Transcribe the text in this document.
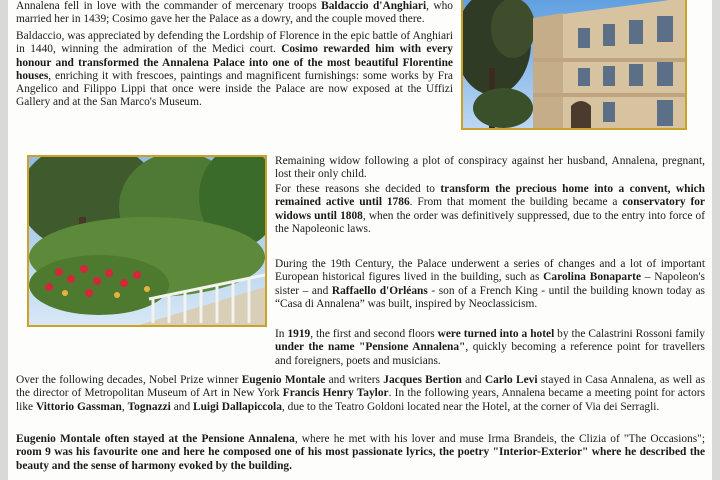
Annalena fell in love with the commander of mercenary troops Baldaccio d'Anghiari, who married her in 1439; Cosimo gave her the Palace as a dowry, and the couple moved there.

Baldaccio, was appreciated by defending the Lordship of Florence in the epic battle of Anghiari in 1440, winning the admiration of the Medici court. Cosimo rewarded him with every honour and transformed the Annalena Palace into one of the most beautiful Florentine houses, enriching it with frescoes, paintings and magnificent furnishings: some works by Fra Angelico and Filippo Lippi that once were inside the Palace are now exposed at the Uffizi Gallery and at the San Marco's Museum.

Remaining widow following a plot of conspiracy against her husband, Annalena, pregnant, lost their only child.

For these reasons she decided to transform the precious home into a convent, which remained active until 1786. From that moment the building became a conservatory for widows until 1808, when the order was definitively suppressed, due to the entry into force of the Napoleonic laws.

During the 19th Century, the Palace underwent a series of changes and a lot of important European historical figures lived in the building, such as Carolina Bonaparte – Napoleon's sister – and Raffaello d'Orléans - son of a French King - until the building known today as “Casa di Annalena” was built, inspired by Neoclassicism.

In 1919, the first and second floors were turned into a hotel by the Calastrini Rossoni family under the name "Pensione Annalena", quickly becoming a reference point for travellers and foreigners, poets and musicians.

Over the following decades, Nobel Prize winner Eugenio Montale and writers Jacques Bertion and Carlo Levi stayed in Casa Annalena, as well as the director of Metropolitan Museum of Art in New York Francis Henry Taylor. In the following years, Annalena became a meeting point for actors like Vittorio Gassman, Tognazzi and Luigi Dallapiccola, due to the Teatro Goldoni located near the Hotel, at the corner of Via dei Serragli.

Eugenio Montale often stayed at the Pensione Annalena, where he met with his lover and muse Irma Brandeis, the Clizia of "The Occasions"; room 9 was his favourite one and here he composed one of his most passionate lyrics, the poetry "Interior-Exterior" where he described the beauty and the sense of harmony evoked by the building.
